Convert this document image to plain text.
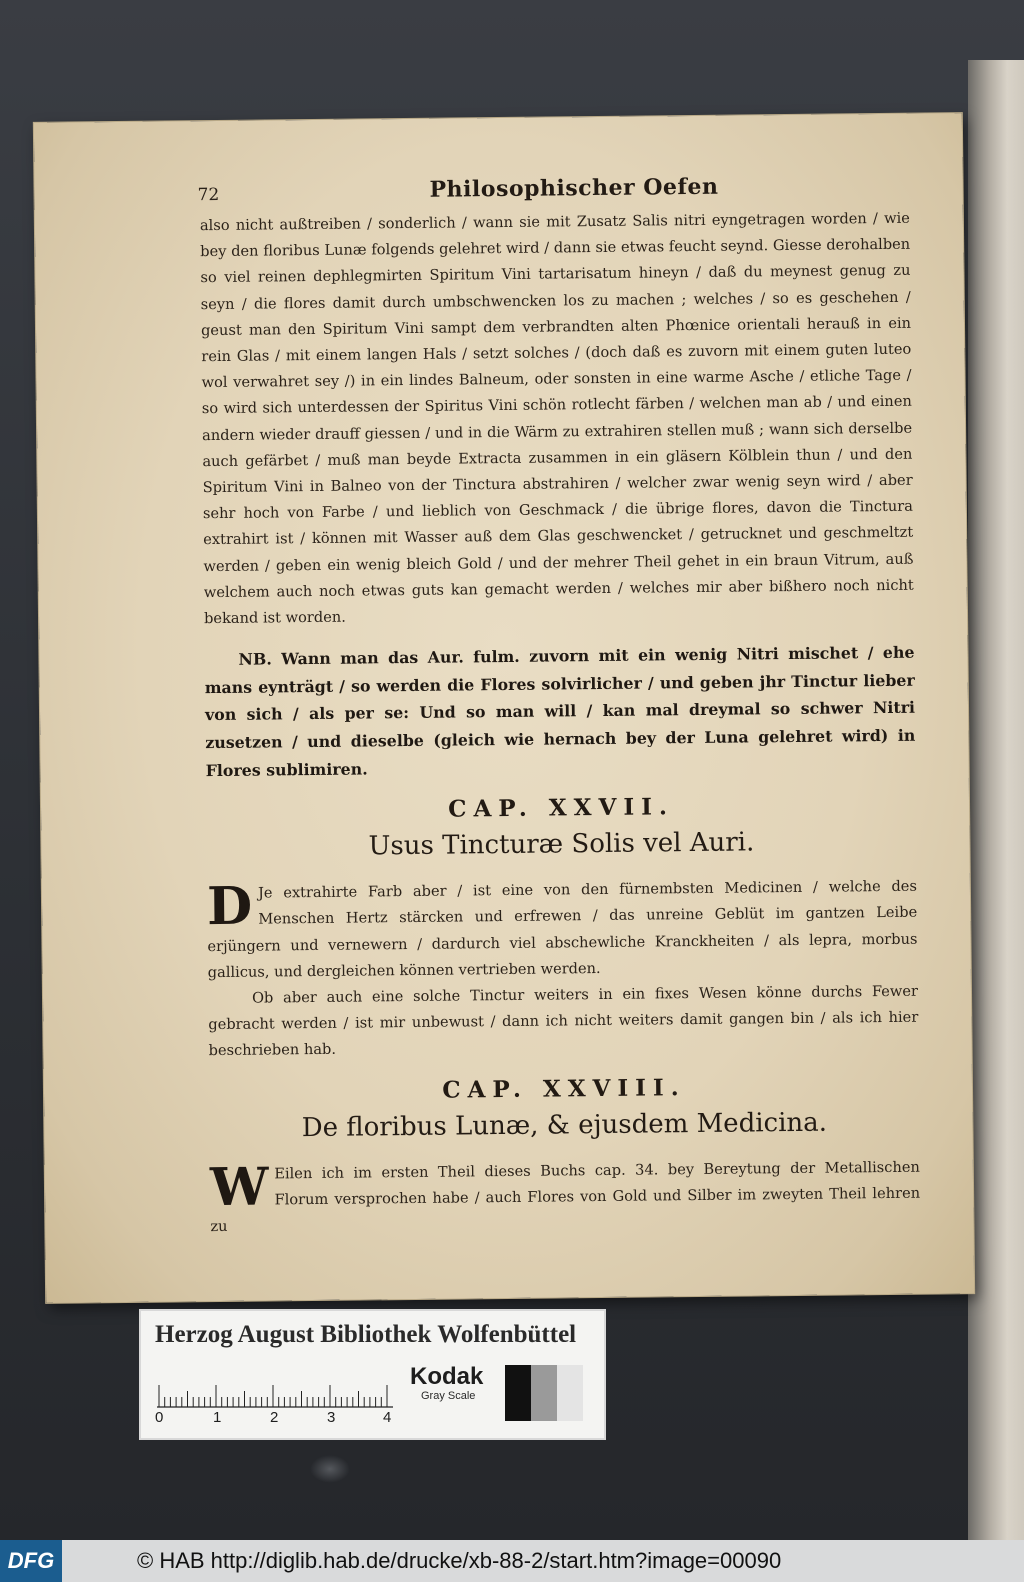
72	Philosophischer Oefen

also nicht außtreiben / sonderlich / wann sie mit Zusatz Salis nitri eyngetragen worden / wie bey den floribus Lunæ folgends gelehret wird / dann sie etwas feucht seynd. Giesse derohalben so viel reinen dephlegmirten Spiritum Vini tartarisatum hineyn / daß du meynest genug zu seyn / die flores damit durch umbschwencken los zu machen ; welches / so es geschehen / geust man den Spiritum Vini sampt dem verbrandten alten Phœnice orientali herauß in ein rein Glas / mit einem langen Hals / setzt solches / (doch daß es zuvorn mit einem guten luteo wol verwahret sey /) in ein lindes Balneum, oder sonsten in eine warme Asche / etliche Tage / so wird sich unterdessen der Spiritus Vini schön rotlecht färben / welchen man ab / und einen andern wieder drauff giessen / und in die Wärm zu extrahiren stellen muß ; wann sich derselbe auch gefärbet / muß man beyde Extracta zusammen in ein gläsern Kölblein thun / und den Spiritum Vini in Balneo von der Tinctura abstrahiren / welcher zwar wenig seyn wird / aber sehr hoch von Farbe / und lieblich von Geschmack / die übrige flores, davon die Tinctura extrahirt ist / können mit Wasser auß dem Glas geschwencket / getrucknet und geschmeltzt werden / geben ein wenig bleich Gold / und der mehrer Theil gehet in ein braun Vitrum, auß welchem auch noch etwas guts kan gemacht werden / welches mir aber bißhero noch nicht bekand ist worden.

NB. Wann man das Aur. fulm. zuvorn mit ein wenig Nitri mischet / ehe mans eynträgt / so werden die Flores solvirlicher / und geben jhr Tinctur lieber von sich / als per se: Und so man will / kan mal dreymal so schwer Nitri zusetzen / und dieselbe (gleich wie hernach bey der Luna gelehret wird) in Flores sublimiren.

CAP. XXVII.

Usus Tincturæ Solis vel Auri.

D Je extrahirte Farb aber / ist eine von den fürnembsten Medicinen / welche des Menschen Hertz stärcken und erfrewen / das unreine Geblüt im gantzen Leibe erjüngern und vernewern / dardurch viel abschewliche Kranckheiten / als lepra, morbus gallicus, und dergleichen können vertrieben werden.

Ob aber auch eine solche Tinctur weiters in ein fixes Wesen könne durchs Fewer gebracht werden / ist mir unbewust / dann ich nicht weiters damit gangen bin / als ich hier beschrieben hab.

CAP. XXVIII.

De floribus Lunæ, & ejusdem Medicina.

W Eilen ich im ersten Theil dieses Buchs cap. 34. bey Bereytung der Metallischen Florum versprochen habe / auch Flores von Gold und Silber im zweyten Theil lehren zu

Herzog August Bibliothek Wolfenbüttel
0	1	2	3	4
Kodak
Gray Scale
DFG	© HAB http://diglib.hab.de/drucke/xb-88-2/start.htm?image=00090
